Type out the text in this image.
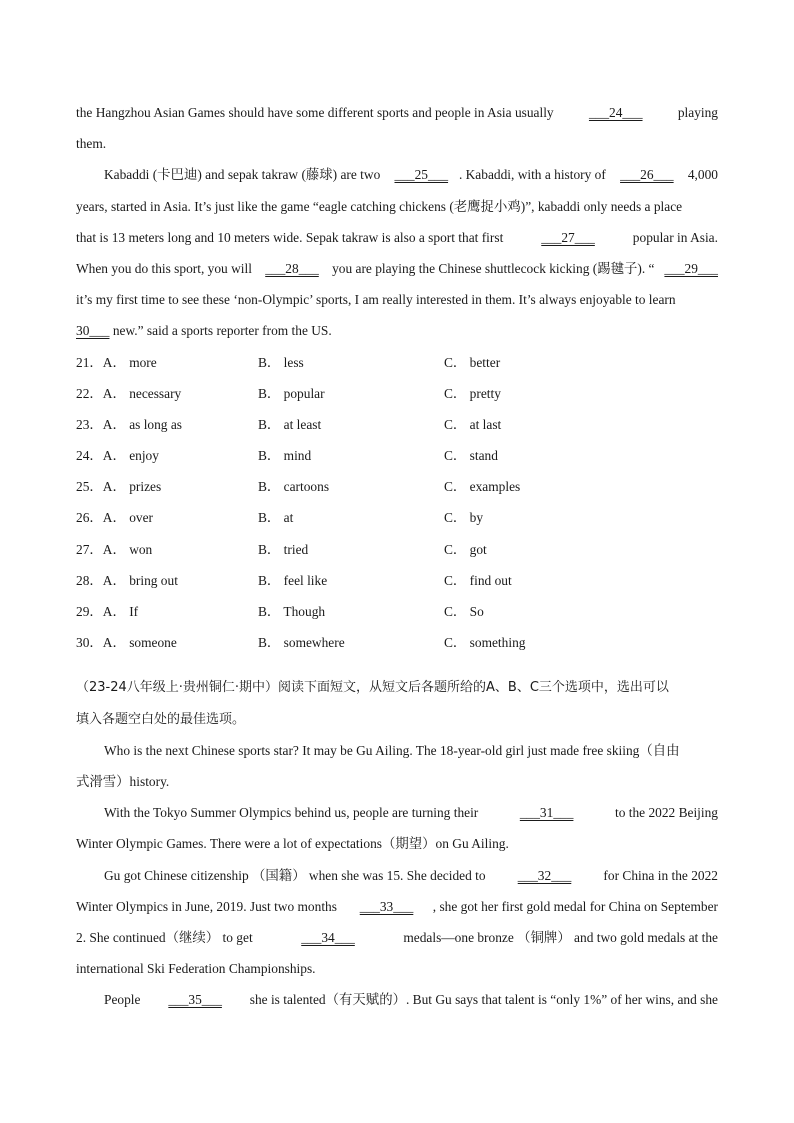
the Hangzhou Asian Games should have some different sports and people in Asia usually ___24___ playing
them.
Kabaddi (卡巴迪) and sepak takraw (藤球) are two ___25___ . Kabaddi, with a history of ___26___ 4,000
years, started in Asia. It’s just like the game “eagle catching chickens (老鹰捉小鸡)”, kabaddi only needs a place
that is 13 meters long and 10 meters wide. Sepak takraw is also a sport that first	___27___	popular in Asia.
When you do this sport, you will ___28___ you are playing the Chinese shuttlecock kicking (踢毽子). “ ___29___
it’s my first time to see these ‘non-Olympic’ sports, I am really interested in them. It’s always enjoyable to learn
30___ new.” said a sports reporter from the US.
21．A． more	B． less	C． better
22．A． necessary	B． popular	C． pretty
23．A． as long as	B． at least	C． at last
24．A． enjoy	B． mind	C． stand
25．A． prizes	B． cartoons	C． examples
26．A． over	B． at	C． by
27．A． won	B． tried	C． got
28．A． bring out	B． feel like	C． find out
29．A． If	B． Though	C． So
30．A． someone	B． somewhere	C． something
（23-24八年级上·贵州铜仁·期中）阅读下面短文，从短文后各题所给的A、B、C三个选项中，选出可以
填入各题空白处的最佳选项。
Who is the next Chinese sports star? It may be Gu Ailing. The 18-year-old girl just made free skiing（自由
式滑雪）history.
With the Tokyo Summer Olympics behind us, people are turning their	___31___	to the 2022 Beijing
Winter Olympic Games. There were a lot of expectations（期望）on Gu Ailing.
Gu got Chinese citizenship （国籍） when she was 15. She decided to ___32___ for China in the 2022
Winter Olympics in June, 2019. Just two months ___33___ , she got her first gold medal for China on September
2. She continued（继续） to get	___34___	medals—one bronze （铜牌） and two gold medals at the
international Ski Federation Championships.
People ___35___ she is talented（有天赋的）. But Gu says that talent is “only 1%” of her wins, and she
